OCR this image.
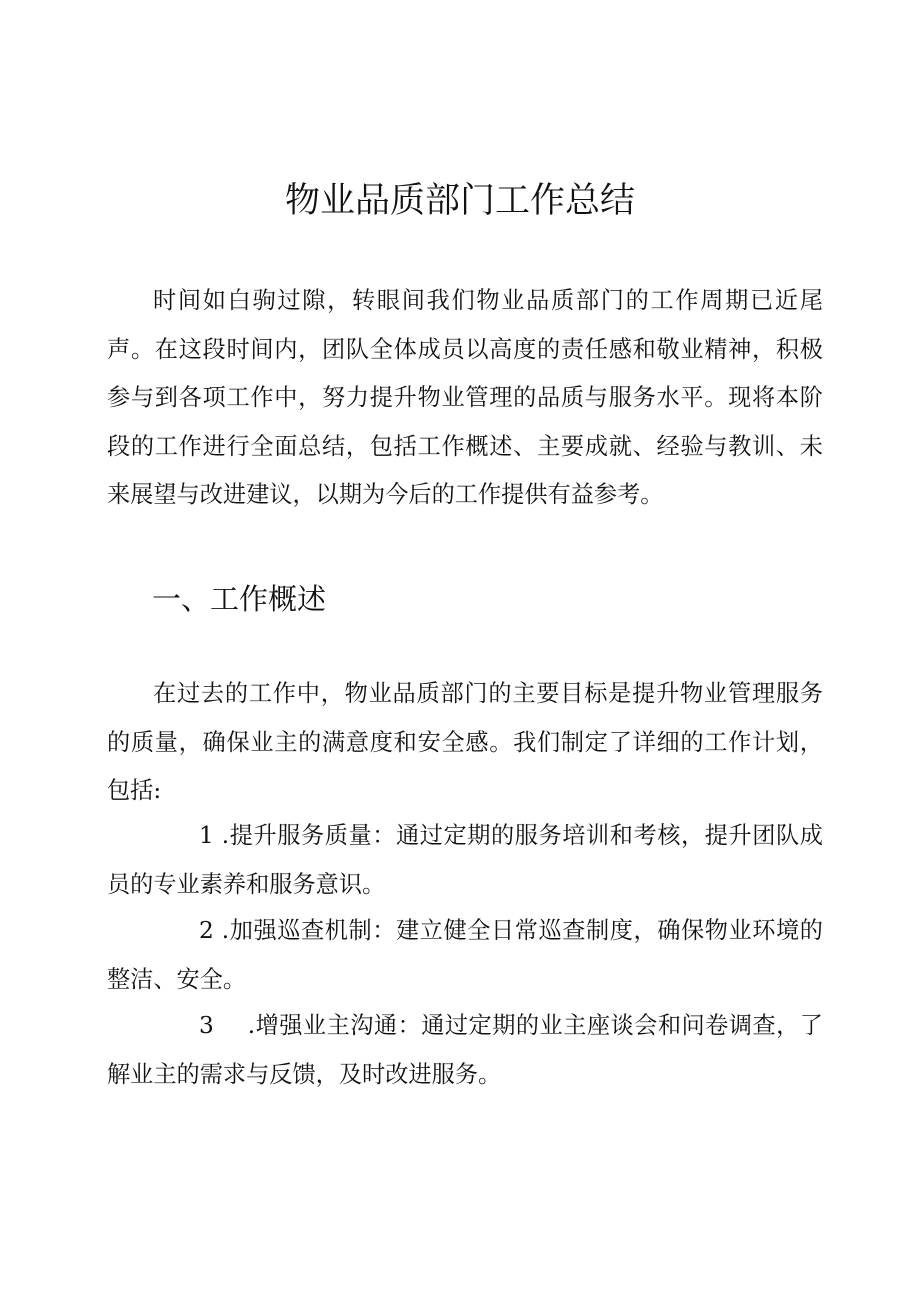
物业品质部门工作总结
时间如白驹过隙，转眼间我们物业品质部门的工作周期已近尾声。在这段时间内，团队全体成员以高度的责任感和敬业精神，积极参与到各项工作中，努力提升物业管理的品质与服务水平。现将本阶段的工作进行全面总结，包括工作概述、主要成就、经验与教训、未来展望与改进建议，以期为今后的工作提供有益参考。
一、工作概述
在过去的工作中，物业品质部门的主要目标是提升物业管理服务的质量，确保业主的满意度和安全感。我们制定了详细的工作计划，包括:
1 .提升服务质量：通过定期的服务培训和考核，提升团队成员的专业素养和服务意识。
2 .加强巡查机制：建立健全日常巡查制度，确保物业环境的整洁、安全。
3 .增强业主沟通：通过定期的业主座谈会和问卷调查，了解业主的需求与反馈，及时改进服务。
